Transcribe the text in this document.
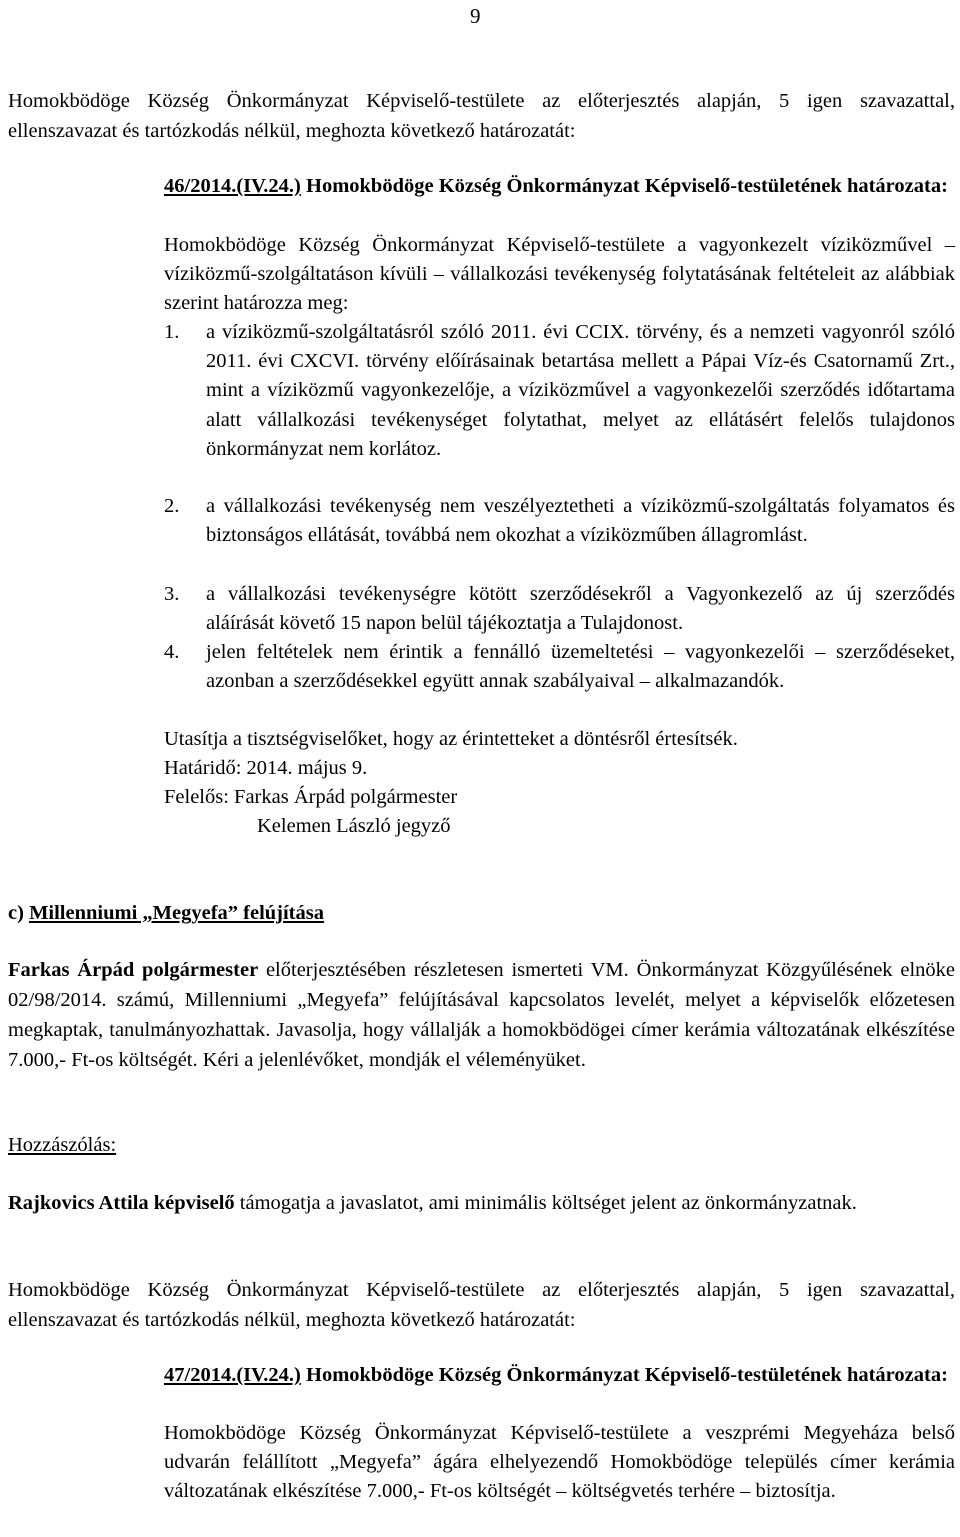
9

Homokbödöge Község Önkormányzat Képviselő-testülete az előterjesztés alapján, 5 igen szavazattal, ellenszavazat és tartózkodás nélkül, meghozta következő határozatát:

46/2014.(IV.24.) Homokbödöge Község Önkormányzat Képviselő-testületének határozata:

Homokbödöge Község Önkormányzat Képviselő-testülete a vagyonkezelt víziközművel – víziközmű-szolgáltatáson kívüli – vállalkozási tevékenység folytatásának feltételeit az alábbiak szerint határozza meg:

1. a víziközmű-szolgáltatásról szóló 2011. évi CCIX. törvény, és a nemzeti vagyonról szóló 2011. évi CXCVI. törvény előírásainak betartása mellett a Pápai Víz-és Csatornamű Zrt., mint a víziközmű vagyonkezelője, a víziközművel a vagyonkezelői szerződés időtartama alatt vállalkozási tevékenységet folytathat, melyet az ellátásért felelős tulajdonos önkormányzat nem korlátoz.
2. a vállalkozási tevékenység nem veszélyeztetheti a víziközmű-szolgáltatás folyamatos és biztonságos ellátását, továbbá nem okozhat a víziközműben állagromlást.
3. a vállalkozási tevékenységre kötött szerződésekről a Vagyonkezelő az új szerződés aláírását követő 15 napon belül tájékoztatja a Tulajdonost.
4. jelen feltételek nem érintik a fennálló üzemeltetési – vagyonkezelői – szerződéseket, azonban a szerződésekkel együtt annak szabályaival – alkalmazandók.

Utasítja a tisztségviselőket, hogy az érintetteket a döntésről értesítsék.

Határidő: 2014. május 9.

Felelős: Farkas Árpád polgármester

Kelemen László jegyző

c) Millenniumi „Megyefa” felújítása

Farkas Árpád polgármester előterjesztésében részletesen ismerteti VM. Önkormányzat Közgyűlésének elnöke 02/98/2014. számú, Millenniumi „Megyefa” felújításával kapcsolatos levelét, melyet a képviselők előzetesen megkaptak, tanulmányozhattak. Javasolja, hogy vállalják a homokbödögei címer kerámia változatának elkészítése 7.000,- Ft-os költségét. Kéri a jelenlévőket, mondják el véleményüket.

Hozzászólás:

Rajkovics Attila képviselő támogatja a javaslatot, ami minimális költséget jelent az önkormányzatnak.

Homokbödöge Község Önkormányzat Képviselő-testülete az előterjesztés alapján, 5 igen szavazattal, ellenszavazat és tartózkodás nélkül, meghozta következő határozatát:

47/2014.(IV.24.) Homokbödöge Község Önkormányzat Képviselő-testületének határozata:

Homokbödöge Község Önkormányzat Képviselő-testülete a veszprémi Megyeháza belső udvarán felállított „Megyefa” ágára elhelyezendő Homokbödöge település címer kerámia változatának elkészítése 7.000,- Ft-os költségét – költségvetés terhére – biztosítja.
